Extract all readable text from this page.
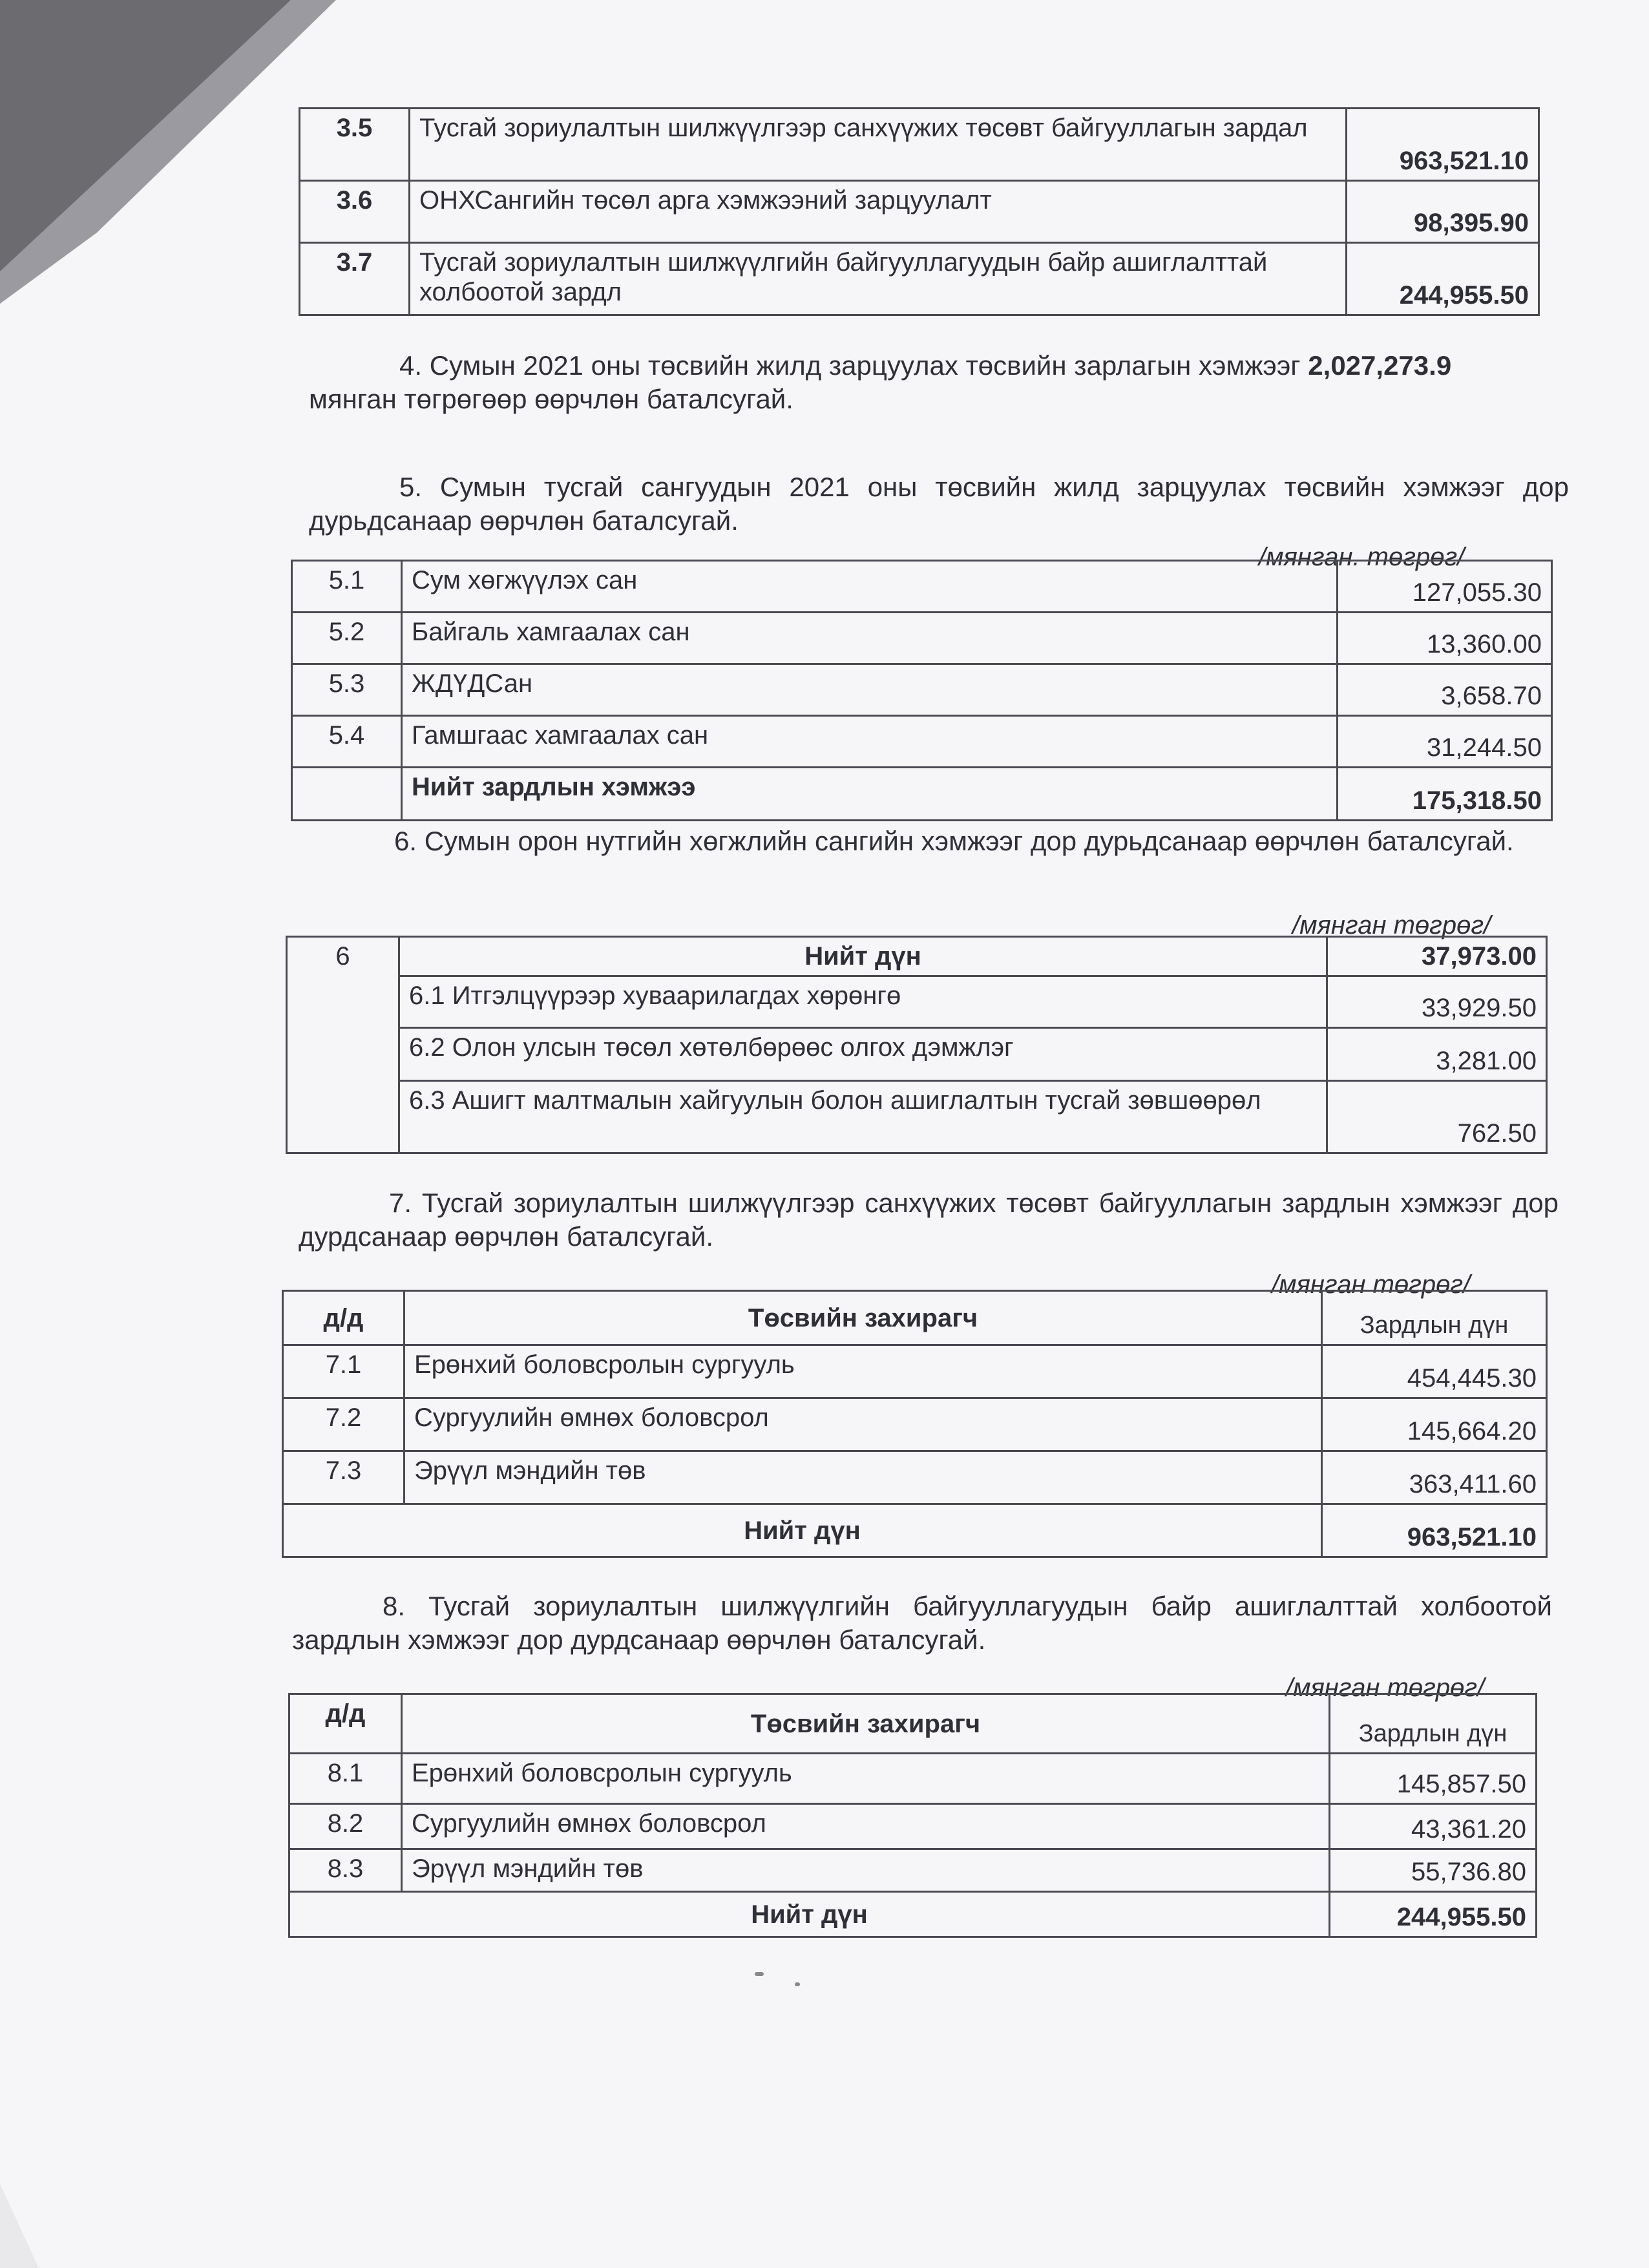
3.5	Тусгай зориулалтын шилжүүлгээр санхүүжих төсөвт байгууллагын зардал	963,521.10
3.6	ОНХСангийн төсөл арга хэмжээний зарцуулалт	98,395.90
3.7	Тусгай зориулалтын шилжүүлгийн байгууллагуудын байр ашиглалттай холбоотой зардл	244,955.50
4. Сумын 2021 оны төсвийн жилд зарцуулах төсвийн зарлагын хэмжээг 2,027,273.9
мянган төгрөгөөр өөрчлөн баталсугай.
5. Сумын тусгай сангуудын 2021 оны төсвийн жилд зарцуулах төсвийн хэмжээг дор дурьдсанаар өөрчлөн баталсугай.
/мянган. төгрөг/
5.1	Сум хөгжүүлэх сан	127,055.30
5.2	Байгаль хамгаалах сан	13,360.00
5.3	ЖДҮДСан	3,658.70
5.4	Гамшгаас хамгаалах сан	31,244.50
	Нийт зардлын хэмжээ	175,318.50
6. Сумын орон нутгийн хөгжлийн сангийн хэмжээг дор дурьдсанаар өөрчлөн баталсугай.
/мянган төгрөг/
6	Нийт дүн	37,973.00
	6.1 Итгэлцүүрээр хуваарилагдах хөрөнгө	33,929.50
	6.2 Олон улсын төсөл хөтөлбөрөөс олгох дэмжлэг	3,281.00
	6.3 Ашигт малтмалын хайгуулын болон ашиглалтын тусгай зөвшөөрөл	762.50
7. Тусгай зориулалтын шилжүүлгээр санхүүжих төсөвт байгууллагын зардлын хэмжээг дор дурдсанаар өөрчлөн баталсугай.
/мянган төгрөг/
д/д	Төсвийн захирагч	Зардлын дүн
7.1	Ерөнхий боловсролын сургууль	454,445.30
7.2	Сургуулийн өмнөх боловсрол	145,664.20
7.3	Эрүүл мэндийн төв	363,411.60
Нийт дүн		963,521.10
8. Тусгай зориулалтын шилжүүлгийн байгууллагуудын байр ашиглалттай холбоотой зардлын хэмжээг дор дурдсанаар өөрчлөн баталсугай.
/мянган төгрөг/
д/д	Төсвийн захирагч	Зардлын дүн
8.1	Ерөнхий боловсролын сургууль	145,857.50
8.2	Сургуулийн өмнөх боловсрол	43,361.20
8.3	Эрүүл мэндийн төв	55,736.80
Нийт дүн		244,955.50
